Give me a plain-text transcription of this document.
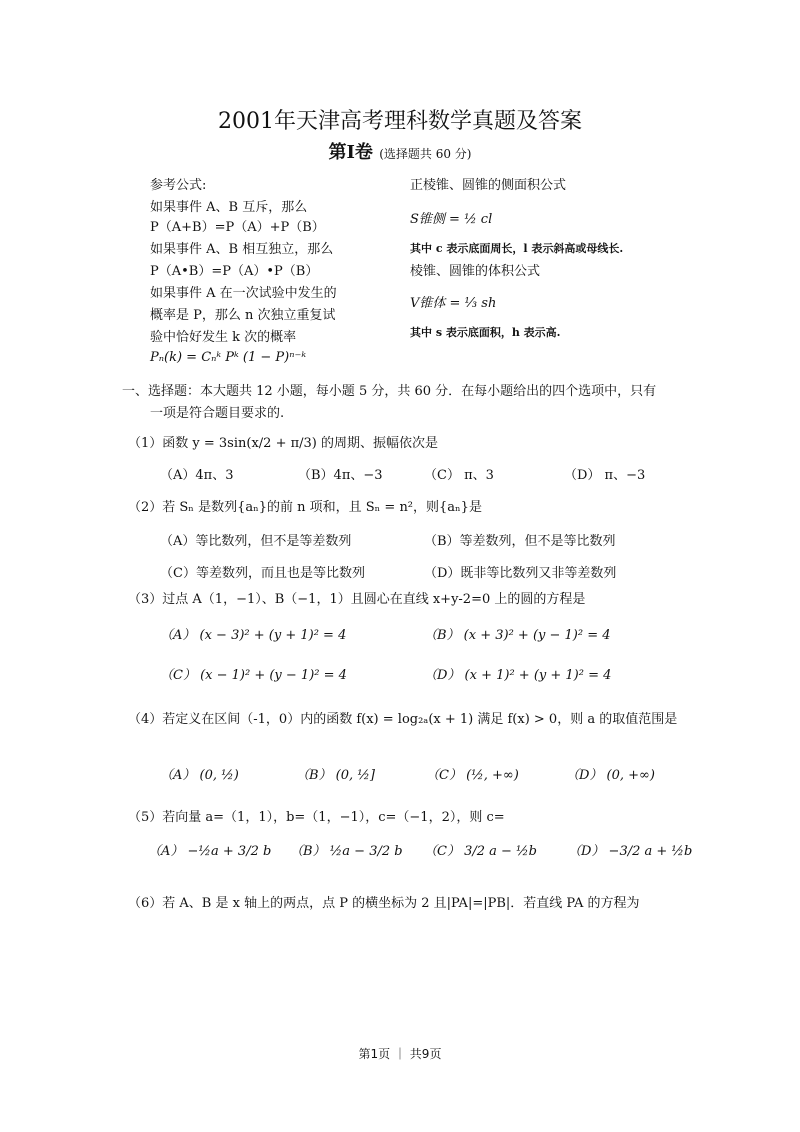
2001年天津高考理科数学真题及答案
第Ⅰ卷 (选择题共 60 分)
参考公式:
如果事件 A、B 互斥，那么
P（A+B）=P（A）+P（B）
如果事件 A、B 相互独立，那么
P（A•B）=P（A）•P（B）
如果事件 A 在一次试验中发生的
概率是 P，那么 n 次独立重复试
验中恰好发生 k 次的概率
Pₙ(k) = Cₙᵏ Pᵏ (1 − P)ⁿ⁻ᵏ
正棱锥、圆锥的侧面积公式
S锥侧 = ½ cl
其中 c 表示底面周长，l 表示斜高或母线长.
棱锥、圆锥的体积公式
V锥体 = ⅓ sh
其中 s 表示底面积，h 表示高.
一、选择题：本大题共 12 小题，每小题 5 分，共 60 分．在每小题给出的四个选项中，只有
一项是符合题目要求的.
（1）函数 y = 3sin(x/2 + π/3) 的周期、振幅依次是
（A）4π、3	（B）4π、−3	（C） π、3	（D） π、−3
（2）若 Sₙ 是数列{aₙ}的前 n 项和，且 Sₙ = n²，则{aₙ}是
（A）等比数列，但不是等差数列	（B）等差数列，但不是等比数列
（C）等差数列，而且也是等比数列	（D）既非等比数列又非等差数列
（3）过点 A（1，−1）、B（−1，1）且圆心在直线 x+y-2=0 上的圆的方程是
（A） (x − 3)² + (y + 1)² = 4	（B） (x + 3)² + (y − 1)² = 4
（C） (x − 1)² + (y − 1)² = 4	（D） (x + 1)² + (y + 1)² = 4
（4）若定义在区间（-1，0）内的函数 f(x) = log₂ₐ(x + 1) 满足 f(x) > 0，则 a 的取值范围是
（A） (0, ½)	（B） (0, ½]	（C） (½, +∞)	（D） (0, +∞)
（5）若向量 a=（1，1），b=（1，−1），c=（−1，2），则 c=
（A） −½a + 3/2 b （B） ½a − 3/2 b （C） 3/2 a − ½b （D） −3/2 a + ½b
（6）若 A、B 是 x 轴上的两点，点 P 的横坐标为 2 且|PA|=|PB|．若直线 PA 的方程为
第1页 ｜ 共9页
